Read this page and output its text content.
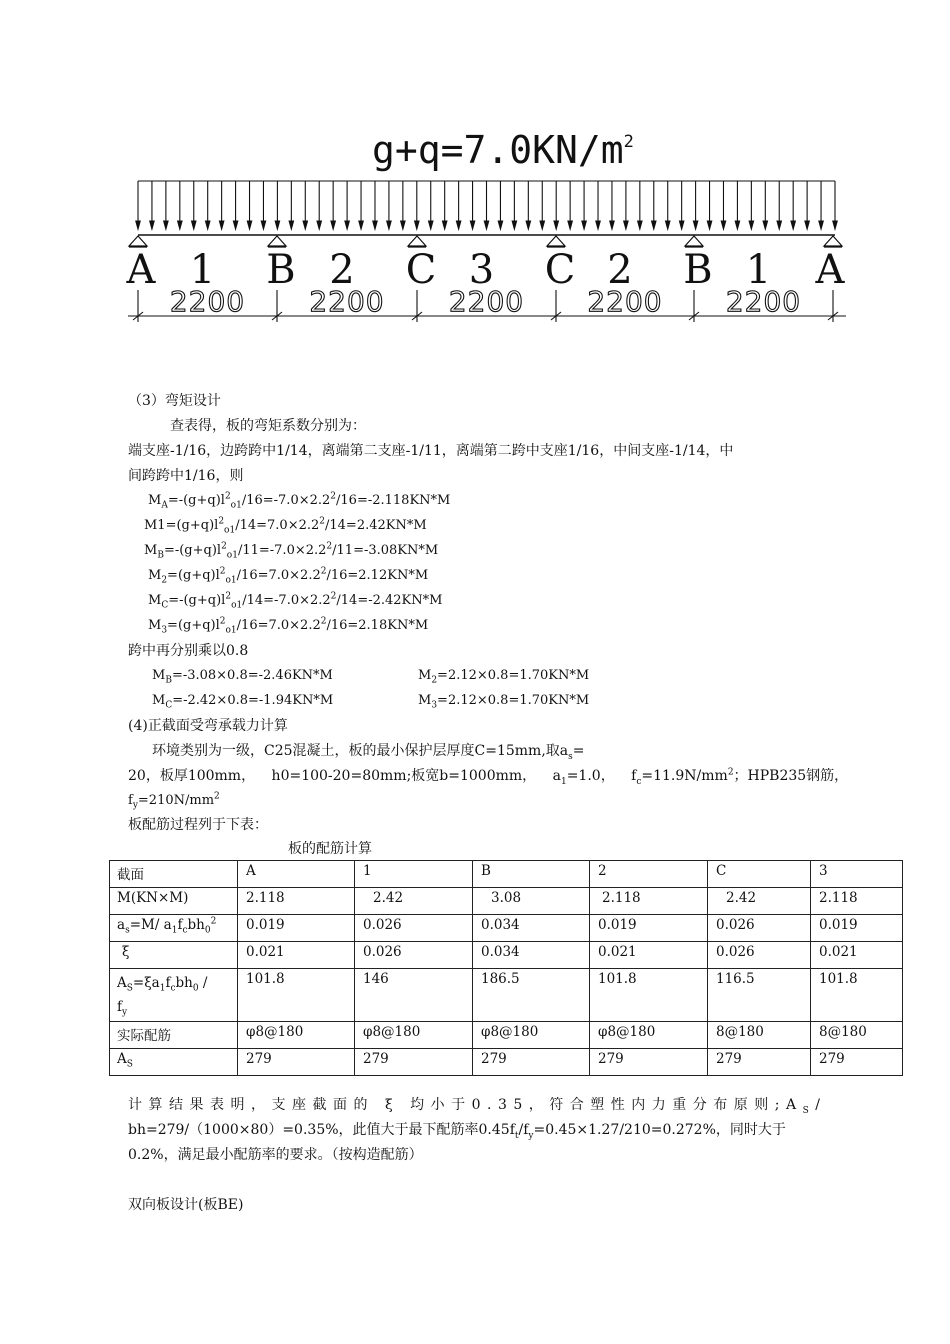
$g+q=7.0KN/m^2$
A	B	C	C	B	A
1	2	3	2	1
2200 2200 2200 2200 2200
（3）弯矩设计
查表得，板的弯矩系数分别为：
端支座-1/16，边跨跨中1/14，离端第二支座-1/11，离端第二跨中支座1/16，中间支座-1/14，中
间跨跨中1/16，则
$M_A=-(g+q)l^2_{o1}/16=-7.0\times 2.2^2/16=-2.118KN*M$
$M1=(g+q)l^2_{o1}/14=7.0\times 2.2^2/14=2.42KN*M$
$M_B=-(g+q)l^2_{o1}/11=-7.0\times 2.2^2/11=-3.08KN*M$
$M_2=(g+q)l^2_{o1}/16=7.0\times 2.2^2/16=2.12KN*M$
$M_C=-(g+q)l^2_{o1}/14=-7.0\times 2.2^2/14=-2.42KN*M$
$M_3=(g+q)l^2_{o1}/16=7.0\times 2.2^2/16=2.18KN*M$
跨中再分别乘以0.8
$M_B=-3.08\times 0.8=-2.46KN*M$	$M_2=2.12\times 0.8=1.70KN*M$
$M_C=-2.42\times 0.8=-1.94KN*M$	$M_3=2.12\times 0.8=1.70KN*M$
(4)正截面受弯承载力计算
环境类别为一级，C25混凝土，板的最小保护层厚度C=15mm,取$a_s=$
20，板厚100mm， h0=100-20=80mm;板宽b=1000mm， $a_1=1.0$， $f_c=11.9N/mm^2$；HPB235钢筋，
$f_y=210N/mm^2$
板配筋过程列于下表：
板的配筋计算
截面	A	1	B	2	C	3
M(KN×M)	2.118	2.42	3.08	2.118	2.42	2.118
$a_s=M/$ $a_1f_cbh_0^2$	0.019	0.026	0.034	0.019	0.026	0.019
ξ	0.021	0.026	0.034	0.021	0.026	0.021
$A_S=\xi a_1f_cbh_0$ /
$f_y$	101.8	146	186.5	101.8	116.5	101.8
实际配筋	φ8@180	φ8@180	φ8@180	φ8@180	8@180	8@180
$A_S$	279	279	279	279	279	279
计算结果表明，支座截面的 ξ 均小于0.35，符合塑性内力重分布原则$;A_S/$
bh=279/（1000×80）=0.35%，此值大于最下配筋率$0.45f_t/f_y=0.45\times 1.27/210=0.272\%$，同时大于
0.2%，满足最小配筋率的要求。（按构造配筋）
双向板设计(板BE)
